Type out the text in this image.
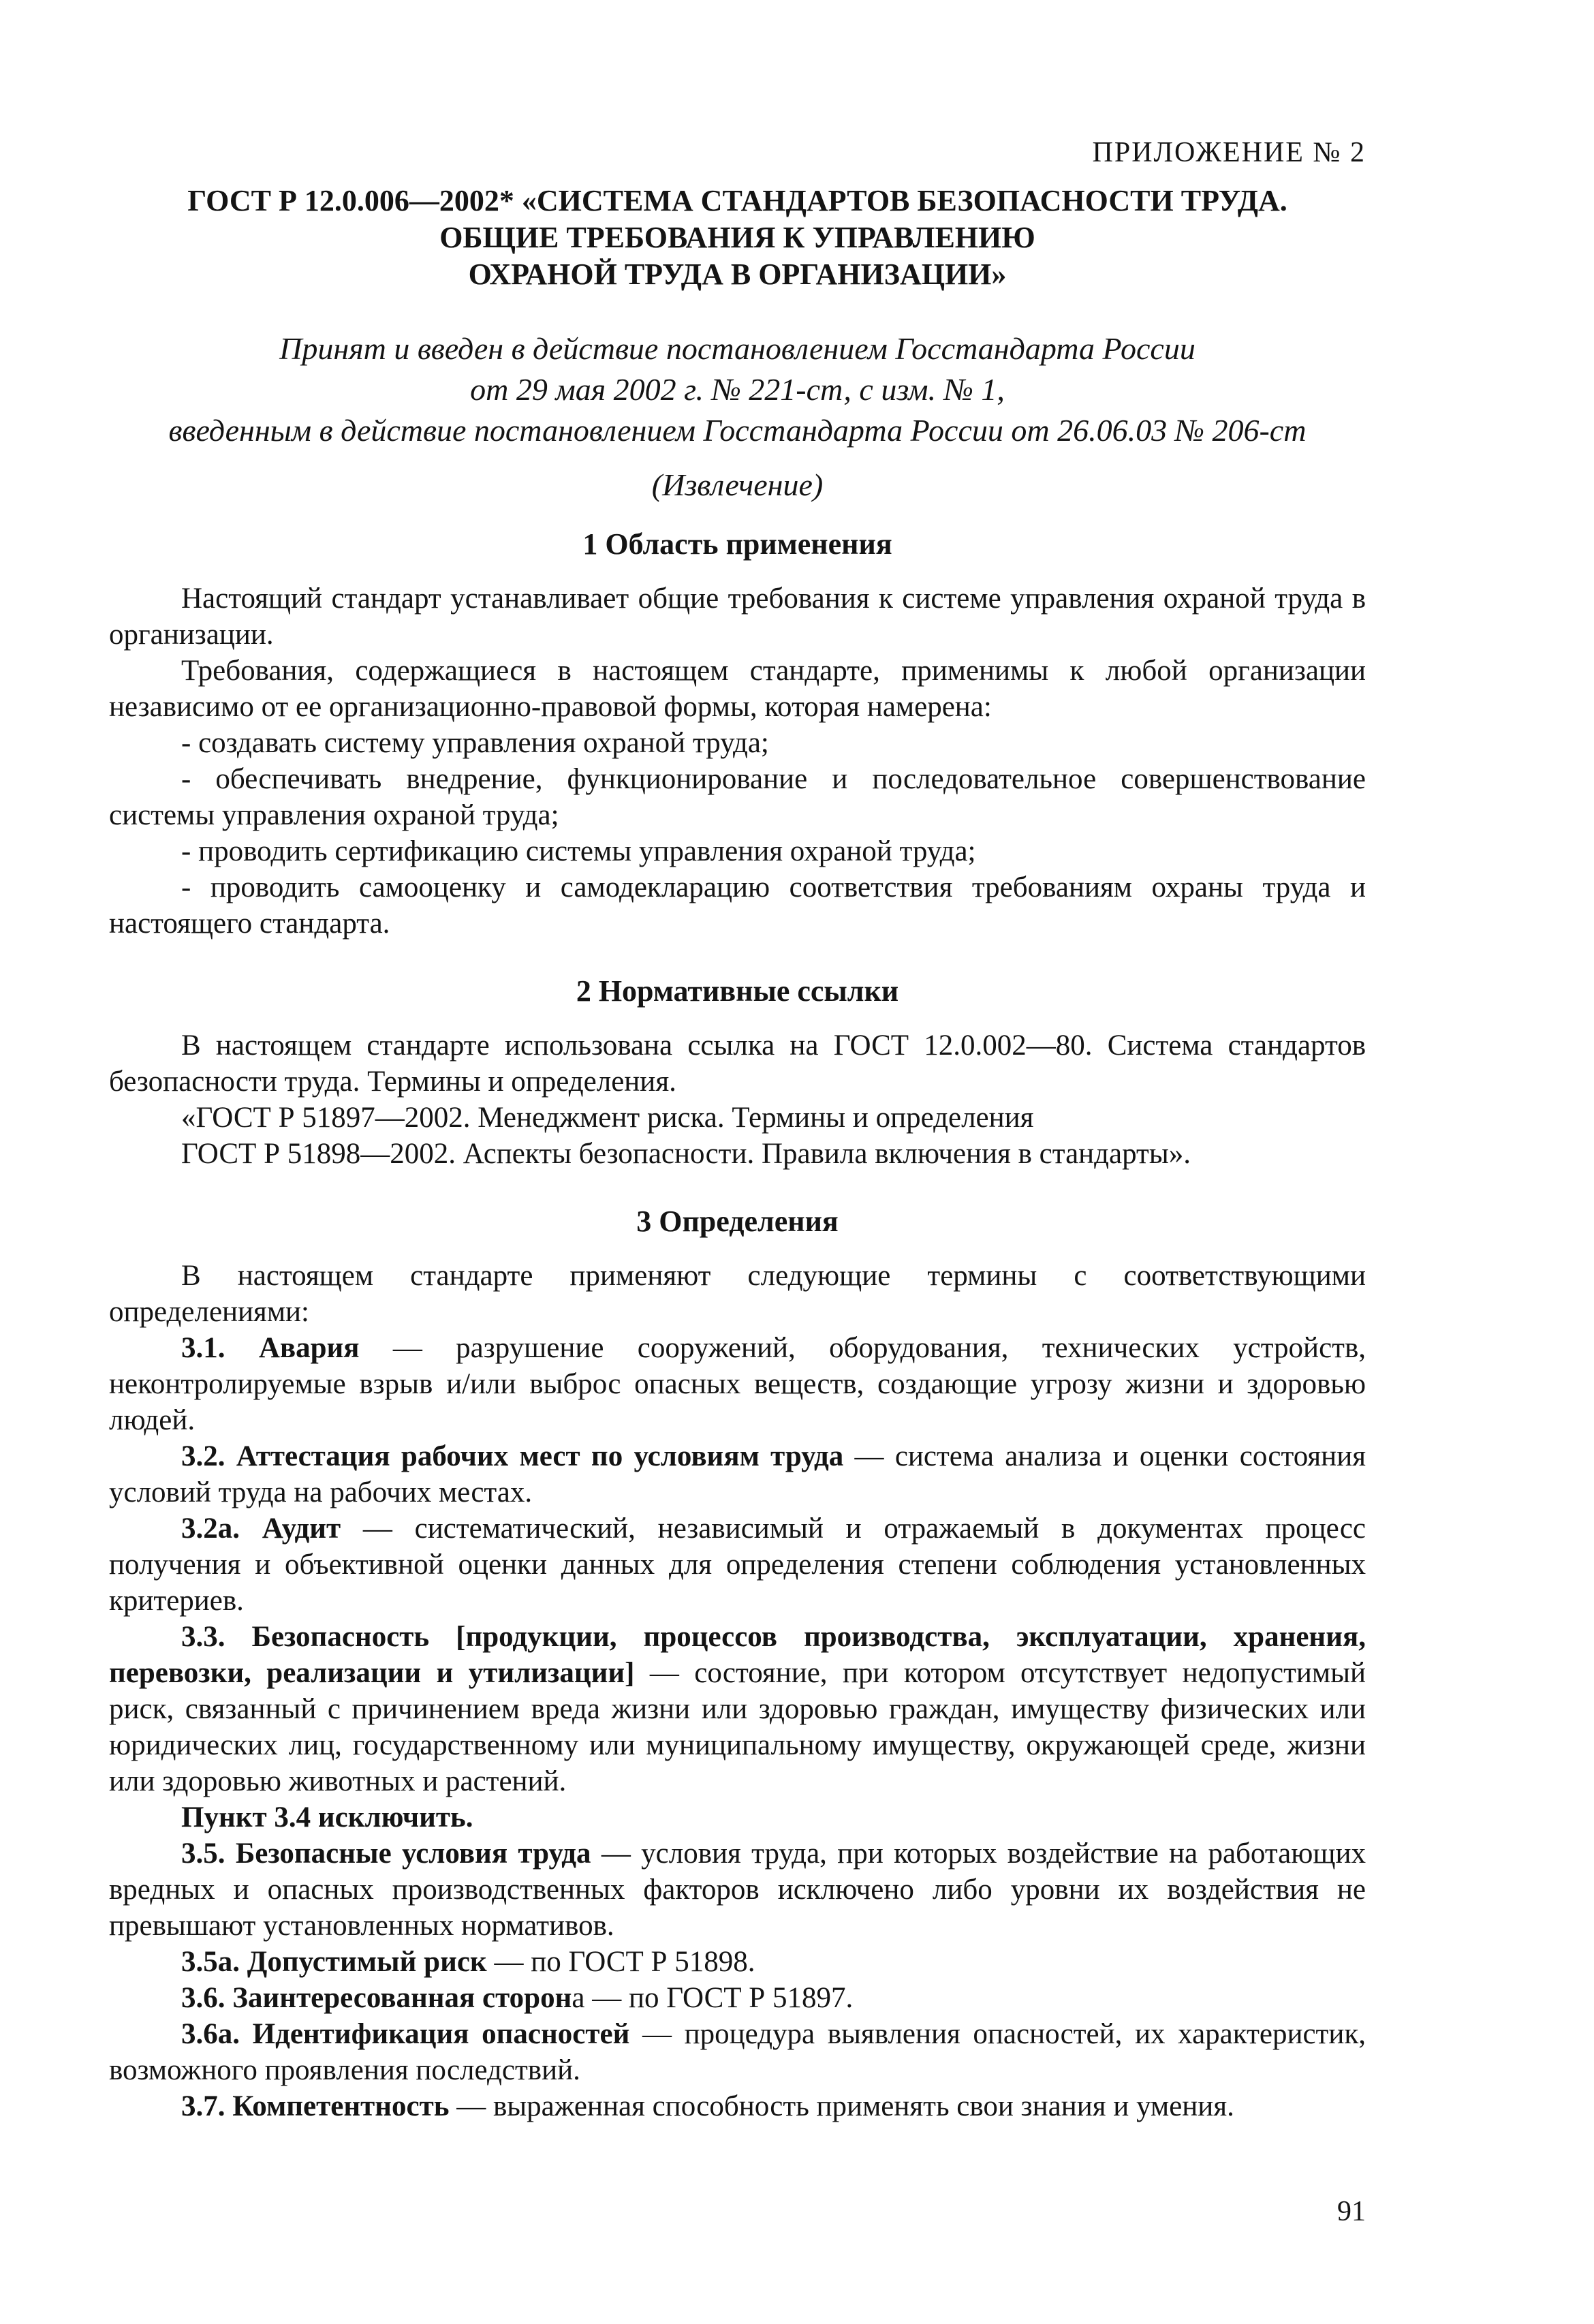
ПРИЛОЖЕНИЕ № 2
ГОСТ Р 12.0.006—2002* «СИСТЕМА СТАНДАРТОВ БЕЗОПАСНОСТИ ТРУДА.
ОБЩИЕ ТРЕБОВАНИЯ К УПРАВЛЕНИЮ
ОХРАНОЙ ТРУДА В ОРГАНИЗАЦИИ»
Принят и введен в действие постановлением Госстандарта России
от 29 мая 2002 г. № 221-ст, с изм. № 1,
введенным в действие постановлением Госстандарта России от 26.06.03 № 206-ст
(Извлечение)
1 Область применения

Настоящий стандарт устанавливает общие требования к системе управления охраной труда в организации.

Требования, содержащиеся в настоящем стандарте, применимы к любой организации независимо от ее организационно-правовой формы, которая намерена:

- создавать систему управления охраной труда;

- обеспечивать внедрение, функционирование и последовательное совершенствование системы управления охраной труда;

- проводить сертификацию системы управления охраной труда;

- проводить самооценку и самодекларацию соответствия требованиям охраны труда и настоящего стандарта.

2 Нормативные ссылки

В настоящем стандарте использована ссылка на ГОСТ 12.0.002—80. Система стандартов безопасности труда. Термины и определения.

«ГОСТ Р 51897—2002. Менеджмент риска. Термины и определения

ГОСТ Р 51898—2002. Аспекты безопасности. Правила включения в стандарты».

3 Определения

В настоящем стандарте применяют следующие термины с соответствующими определениями:

3.1. Авария — разрушение сооружений, оборудования, технических устройств, неконтролируемые взрыв и/или выброс опасных веществ, создающие угрозу жизни и здоровью людей.

3.2. Аттестация рабочих мест по условиям труда — система анализа и оценки состояния условий труда на рабочих местах.

3.2а. Аудит — систематический, независимый и отражаемый в документах процесс получения и объективной оценки данных для определения степени соблюдения установленных критериев.

3.3. Безопасность [продукции, процессов производства, эксплуатации, хранения, перевозки, реализации и утилизации] — состояние, при котором отсутствует недопустимый риск, связанный с причинением вреда жизни или здоровью граждан, имуществу физических или юридических лиц, государственному или муниципальному имуществу, окружающей среде, жизни или здоровью животных и растений.

Пункт 3.4 исключить.

3.5. Безопасные условия труда — условия труда, при которых воздействие на работающих вредных и опасных производственных факторов исключено либо уровни их воздействия не превышают установленных нормативов.

3.5а. Допустимый риск — по ГОСТ Р 51898.

3.6. Заинтересованная сторона — по ГОСТ Р 51897.

3.6а. Идентификация опасностей — процедура выявления опасностей, их характеристик, возможного проявления последствий.

3.7. Компетентность — выраженная способность применять свои знания и умения.

91
